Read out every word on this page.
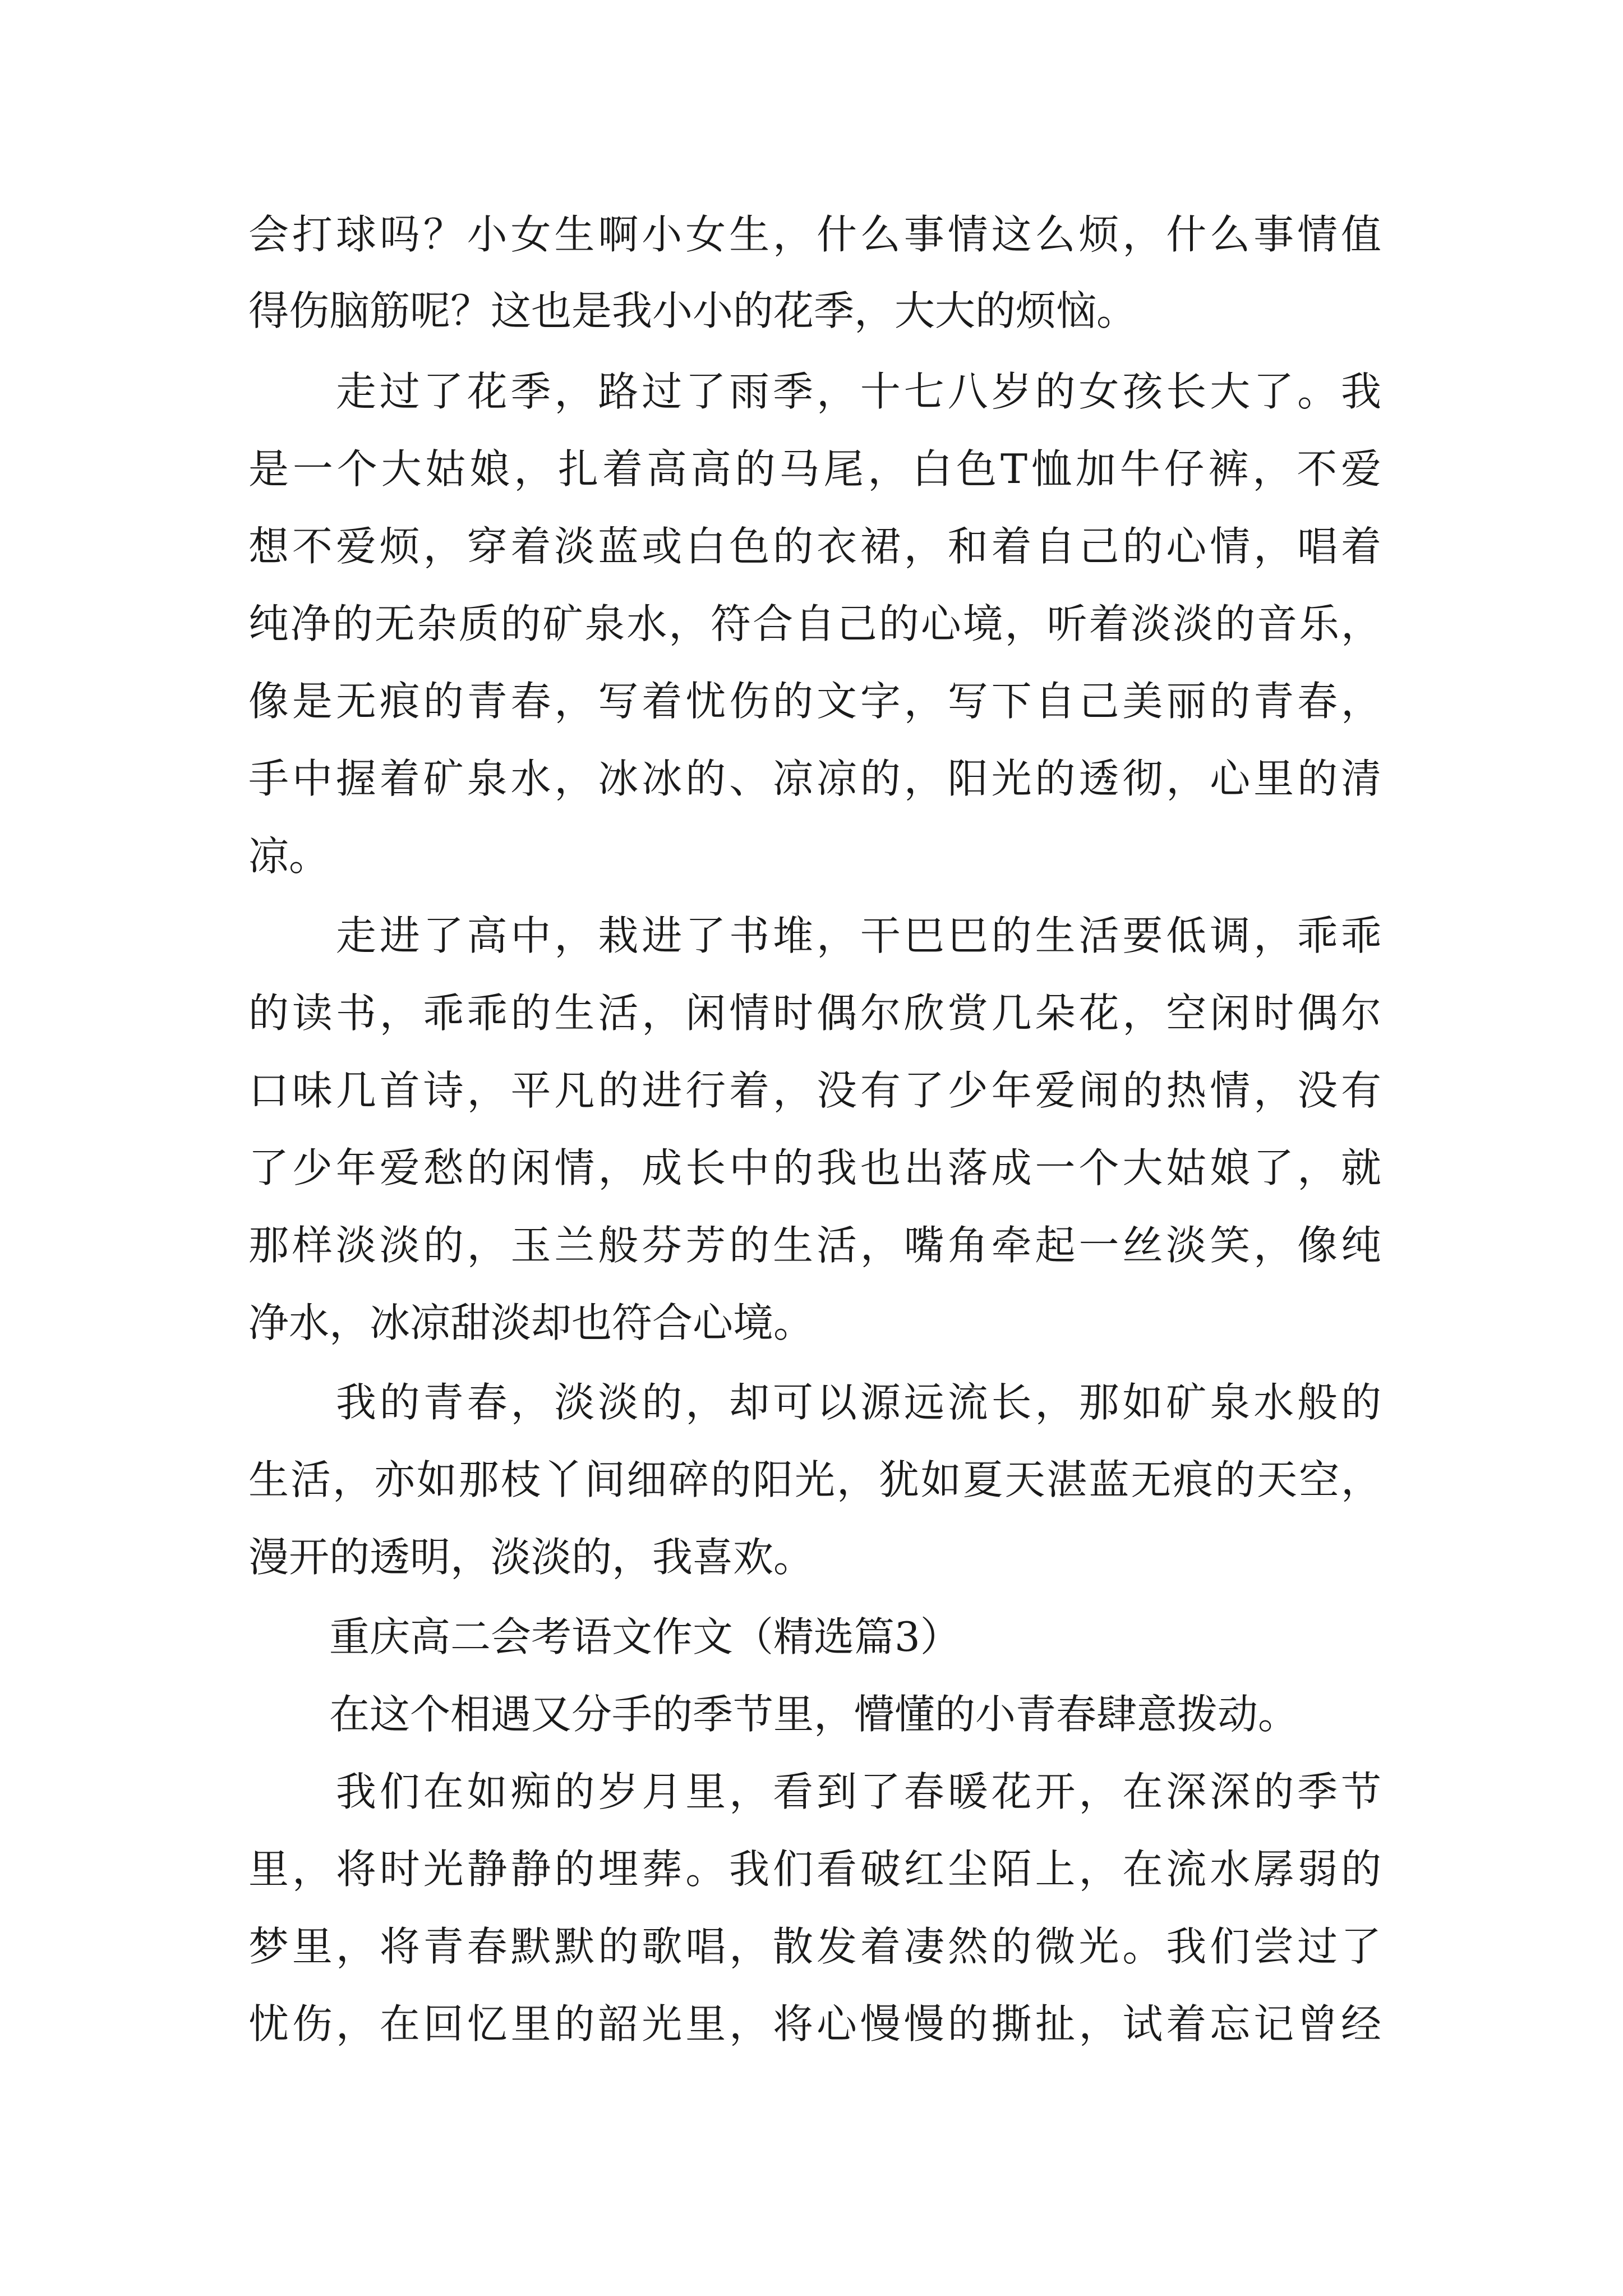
会打球吗？小女生啊小女生，什么事情这么烦，什么事情值

得伤脑筋呢？这也是我小小的花季，大大的烦恼。

　　走过了花季，路过了雨季，十七八岁的女孩长大了。我

是一个大姑娘，扎着高高的马尾，白色T恤加牛仔裤，不爱

想不爱烦，穿着淡蓝或白色的衣裙，和着自己的心情，唱着

纯净的无杂质的矿泉水，符合自己的心境，听着淡淡的音乐，

像是无痕的青春，写着忧伤的文字，写下自己美丽的青春，

手中握着矿泉水，冰冰的、凉凉的，阳光的透彻，心里的清

凉。

　　走进了高中，栽进了书堆，干巴巴的生活要低调，乖乖

的读书，乖乖的生活，闲情时偶尔欣赏几朵花，空闲时偶尔

口味几首诗，平凡的进行着，没有了少年爱闹的热情，没有

了少年爱愁的闲情，成长中的我也出落成一个大姑娘了，就

那样淡淡的，玉兰般芬芳的生活，嘴角牵起一丝淡笑，像纯

净水，冰凉甜淡却也符合心境。

　　我的青春，淡淡的，却可以源远流长，那如矿泉水般的

生活，亦如那枝丫间细碎的阳光，犹如夏天湛蓝无痕的天空，

漫开的透明，淡淡的，我喜欢。

　　重庆高二会考语文作文（精选篇3）

　　在这个相遇又分手的季节里，懵懂的小青春肆意拨动。

　　我们在如痴的岁月里，看到了春暖花开，在深深的季节

里，将时光静静的埋葬。我们看破红尘陌上，在流水孱弱的

梦里，将青春默默的歌唱，散发着凄然的微光。我们尝过了

忧伤，在回忆里的韶光里，将心慢慢的撕扯，试着忘记曾经
